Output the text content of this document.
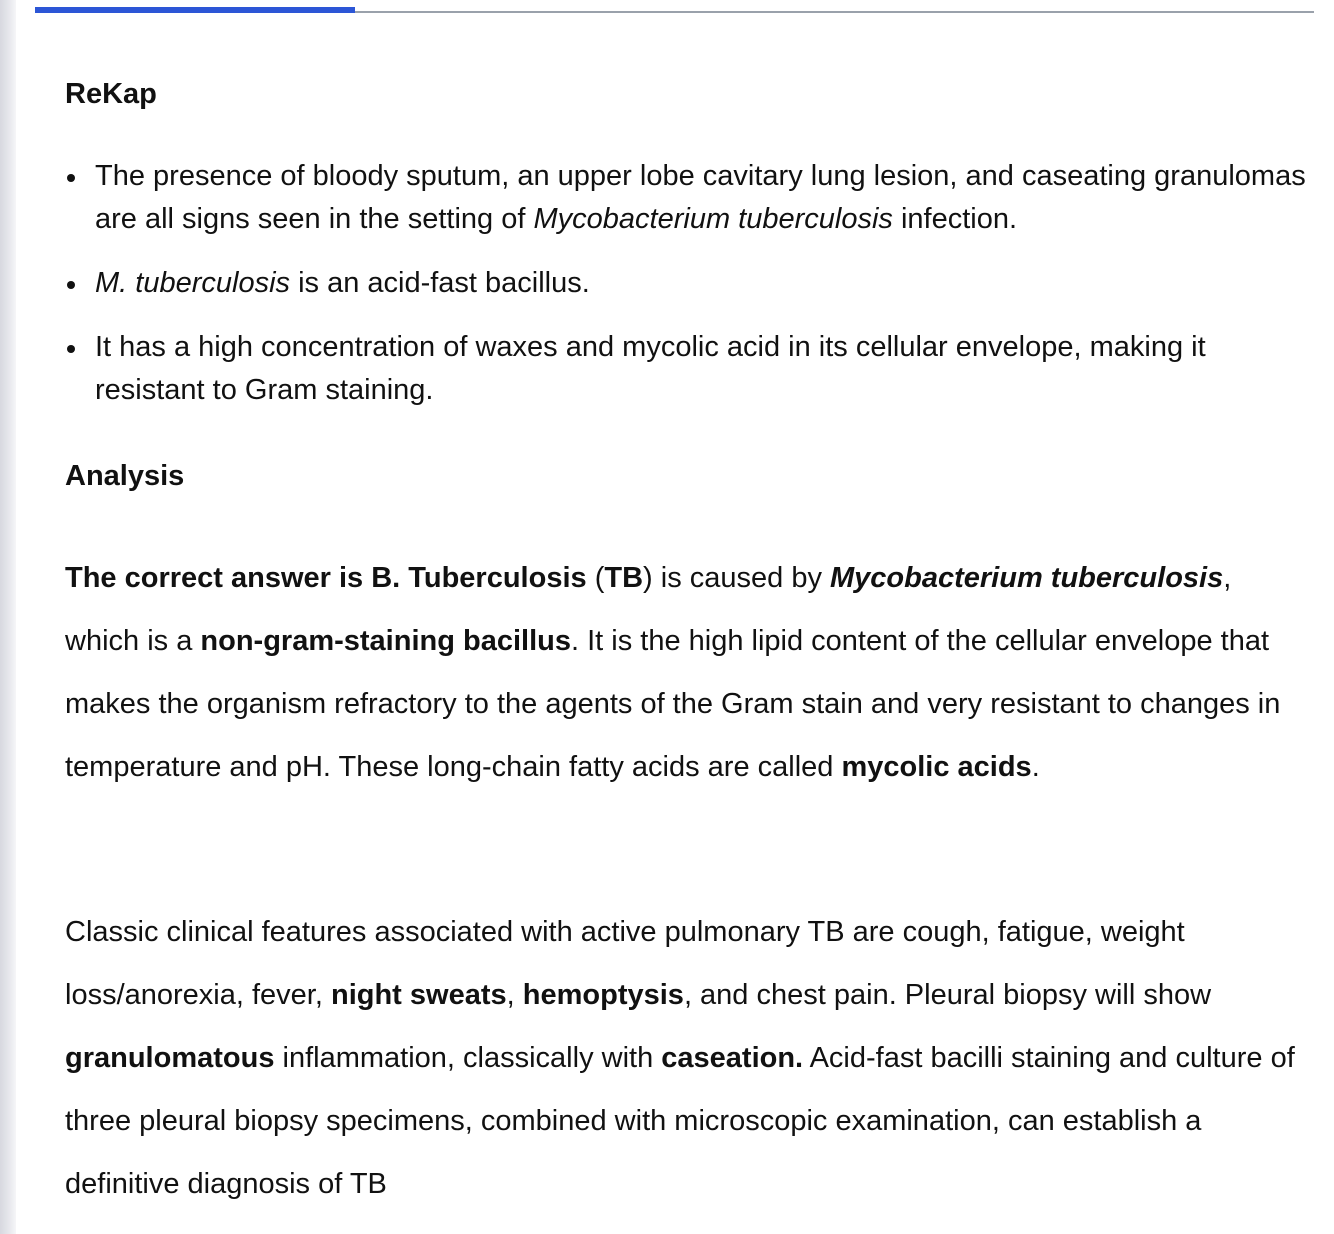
ReKap
The presence of bloody sputum, an upper lobe cavitary lung lesion, and caseating granulomas are all signs seen in the setting of Mycobacterium tuberculosis infection.
M. tuberculosis is an acid-fast bacillus.
It has a high concentration of waxes and mycolic acid in its cellular envelope, making it resistant to Gram staining.
Analysis

The correct answer is B. Tuberculosis (TB) is caused by Mycobacterium tuberculosis, which is a non-gram-staining bacillus. It is the high lipid content of the cellular envelope that makes the organism refractory to the agents of the Gram stain and very resistant to changes in temperature and pH. These long-chain fatty acids are called mycolic acids.

Classic clinical features associated with active pulmonary TB are cough, fatigue, weight loss/anorexia, fever, night sweats, hemoptysis, and chest pain. Pleural biopsy will show granulomatous inflammation, classically with caseation. Acid-fast bacilli staining and culture of three pleural biopsy specimens, combined with microscopic examination, can establish a definitive diagnosis of TB
